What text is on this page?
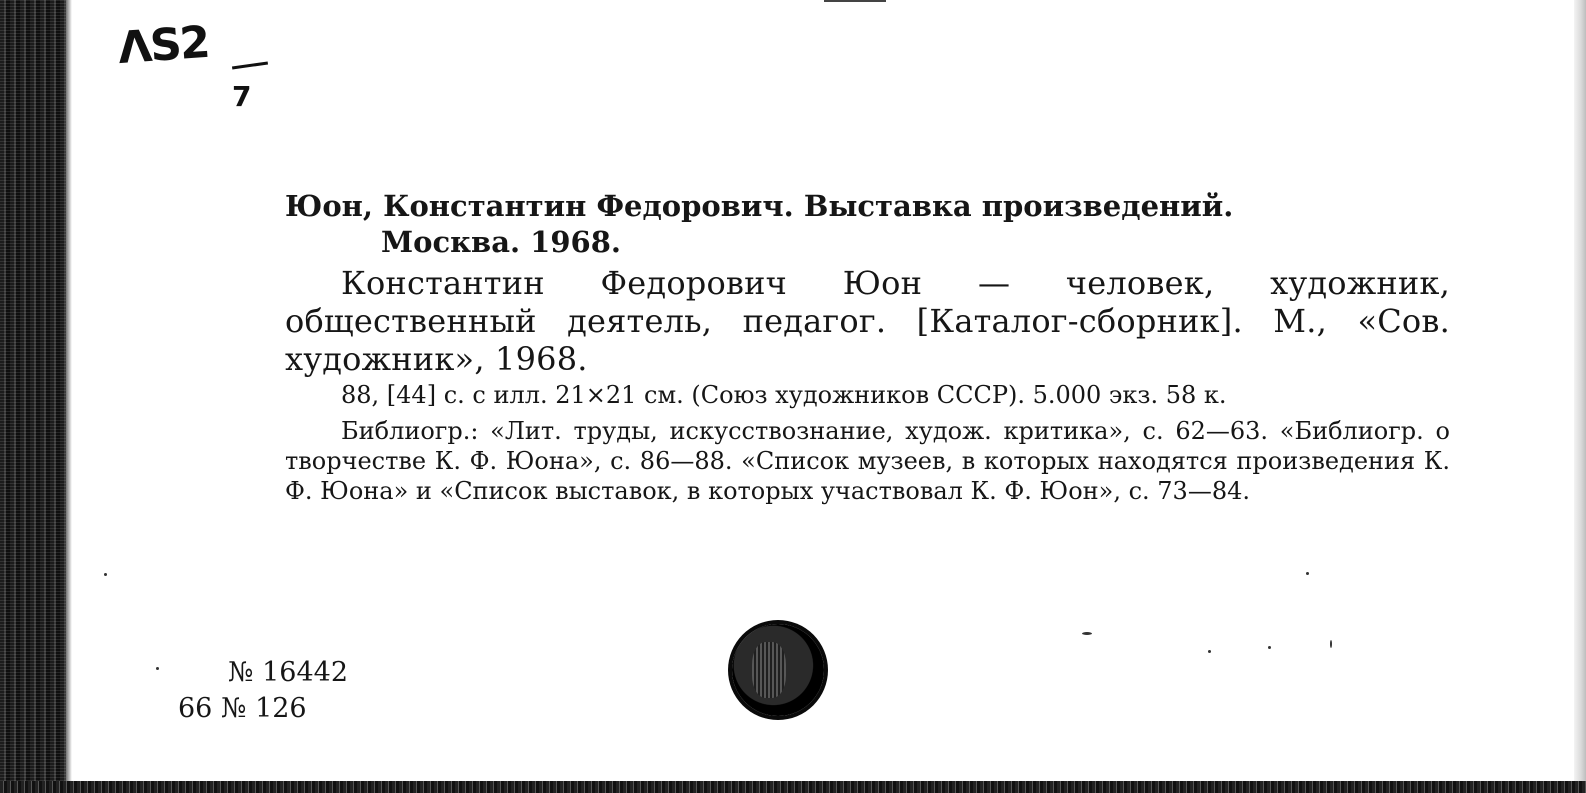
ΛS2
7
Юон, Константин Федорович. Выставка произведений.
Москва. 1968.
Константин Федорович Юон — человек, художник, общественный деятель, педагог. [Каталог-сборник]. М., «Сов. художник», 1968.
88, [44] с. с илл. 21×21 см. (Союз художников СССР). 5.000 экз. 58 к.
Библиогр.: «Лит. труды, искусствознание, худож. критика», с. 62—63. «Библиогр. о творчестве К. Ф. Юона», с. 86—88. «Список музеев, в которых находятся произведения К. Ф. Юона» и «Список выставок, в которых участвовал К. Ф. Юон», с. 73—84.
№ 16442
66 № 126
